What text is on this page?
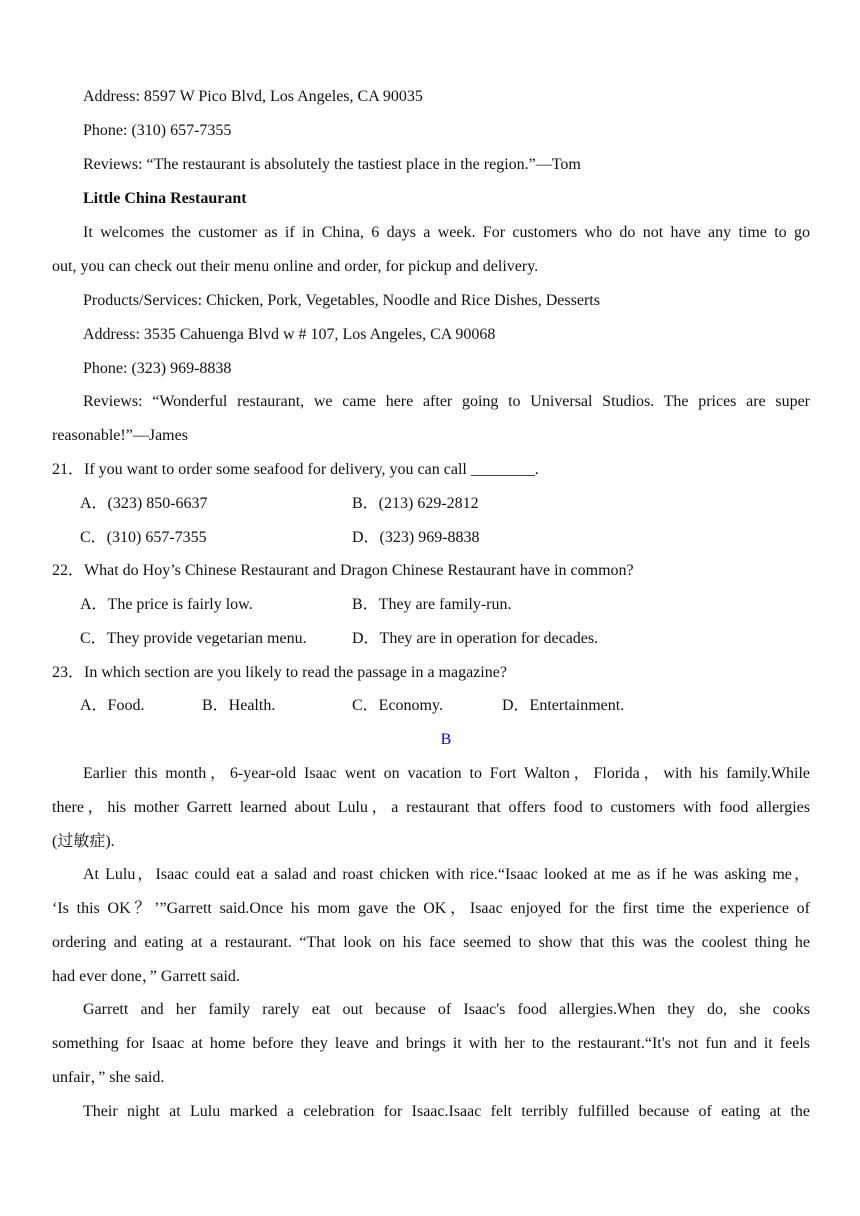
Address: 8597 W Pico Blvd, Los Angeles, CA 90035
Phone: (310) 657-7355
Reviews: “The restaurant is absolutely the tastiest place in the region.”—Tom
Little China Restaurant
It welcomes the customer as if in China, 6 days a week. For customers who do not have any time to go
out, you can check out their menu online and order, for pickup and delivery.
Products/Services: Chicken, Pork, Vegetables, Noodle and Rice Dishes, Desserts
Address: 3535 Cahuenga Blvd w # 107, Los Angeles, CA 90068
Phone: (323) 969-8838
Reviews: “Wonderful restaurant, we came here after going to Universal Studios. The prices are super
reasonable!”—James
21．If you want to order some seafood for delivery, you can call ________.
A．(323) 850-6637	B．(213) 629-2812
C．(310) 657-7355	D．(323) 969-8838
22．What do Hoy’s Chinese Restaurant and Dragon Chinese Restaurant have in common?
A．The price is fairly low.	B．They are family-run.
C．They provide vegetarian menu.	D．They are in operation for decades.
23．In which section are you likely to read the passage in a magazine?
A．Food.	B．Health.	C．Economy.	D．Entertainment.
B
Earlier this month，6-year-old Isaac went on vacation to Fort Walton，Florida，with his family.While
there，his mother Garrett learned about Lulu，a restaurant that offers food to customers with food allergies
(过敏症).
At Lulu，Isaac could eat a salad and roast chicken with rice.“Isaac looked at me as if he was asking me，
‘Is this OK？’”Garrett said.Once his mom gave the OK，Isaac enjoyed for the first time the experience of
ordering and eating at a restaurant. “That look on his face seemed to show that this was the coolest thing he
had ever done，” Garrett said.
Garrett and her family rarely eat out because of Isaac's food allergies.When they do, she cooks
something for Isaac at home before they leave and brings it with her to the restaurant.“It's not fun and it feels
unfair，” she said.
Their night at Lulu marked a celebration for Isaac.Isaac felt terribly fulfilled because of eating at the
